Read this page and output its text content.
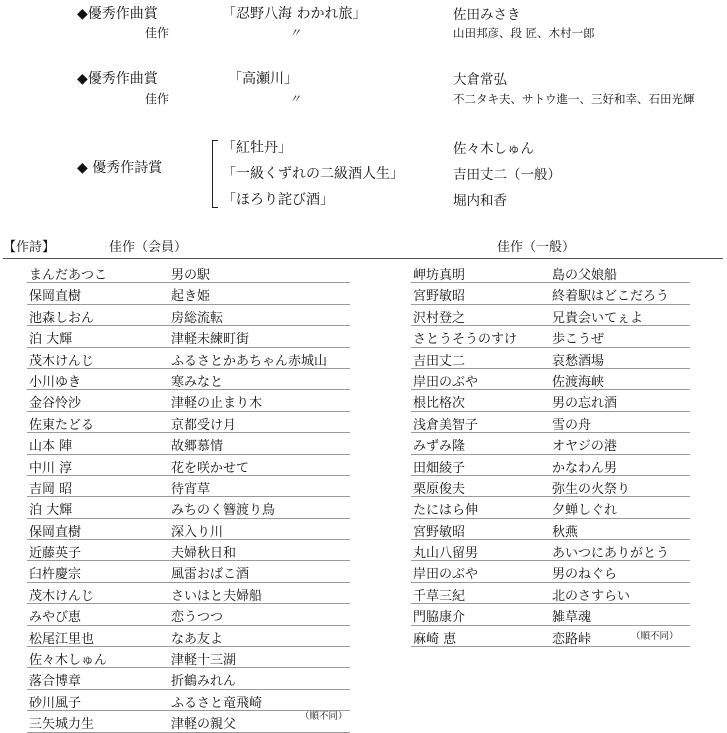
◆優秀作曲賞	「忍野八海 わかれ旅」	佐田みさき
佳作	〃	山田邦彦、段 匠、木村一郎
◆優秀作曲賞	「高瀬川」	大倉常弘
佳作	〃	不二タキ夫、サトウ進一、三好和幸、石田光輝
◆ 優秀作詩賞
「紅牡丹」	佐々木しゅん
「一級くずれの二級酒人生」	吉田丈二（一般）
「ほろり詫び酒」	堀内和香
【作詩】	佳作（会員）	佳作（一般）
まんだあつこ	男の駅
保岡直樹	起き姫
池森しおん	房総流転
泊 大輝	津軽未練町街
茂木けんじ	ふるさとかあちゃん赤城山
小川ゆき	寒みなと
金谷怜沙	津軽の止まり木
佐東たどる	京都受け月
山本 陣	故郷慕情
中川 淳	花を咲かせて
吉岡 昭	待宵草
泊 大輝	みちのく簪渡り鳥
保岡直樹	深入り川
近藤英子	夫婦秋日和
臼杵慶宗	風雷おばこ酒
茂木けんじ	さいはと夫婦船
みやび恵	恋うつつ
松尾江里也	なあ友よ
佐々木しゅん	津軽十三湖
落合博章	折鶴みれん
砂川風子	ふるさと竜飛崎
三矢城力生	津軽の親父
（順不同）
岬坊真明	島の父娘船
宮野敏昭	終着駅はどこだろう
沢村登之	兄貴会いてぇよ
さとうそうのすけ	歩こうぜ
吉田丈二	哀愁酒場
岸田のぶや	佐渡海峡
根比格次	男の忘れ酒
浅倉美智子	雪の舟
みずみ隆	オヤジの港
田畑綾子	かなわん男
栗原俊夫	弥生の火祭り
たにはら伸	夕蝉しぐれ
宮野敏昭	秋燕
丸山八留男	あいつにありがとう
岸田のぶや	男のねぐら
千草三紀	北のさすらい
門脇康介	雑草魂
麻崎 恵	恋路峠	（順不同）
